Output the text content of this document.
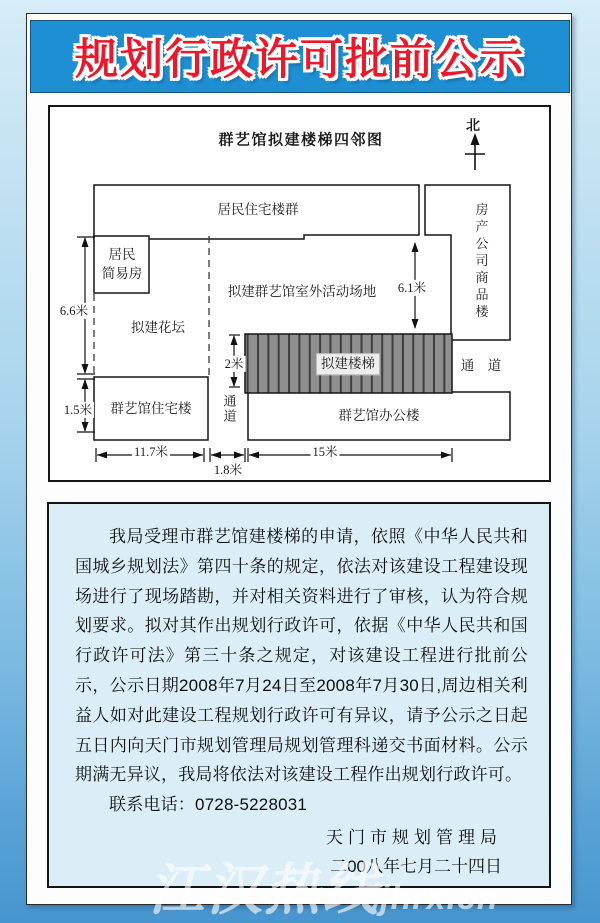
规划行政许可批前公示
群艺馆拟建楼梯四邻图
北
居民住宅楼群
居民
简易房	房产公司商品楼
拟建群艺馆室外活动场地
拟建花坛
拟建楼梯	通　道
通道
群艺馆住宅楼	群艺馆办公楼
6.6米
1.5米
6.1米
2米
11.7米
1.8米
15米

我局受理市群艺馆建楼梯的申请，依照《中华人民共和国城乡规划法》第四十条的规定，依法对该建设工程建设现场进行了现场踏勘，并对相关资料进行了审核，认为符合规划要求。拟对其作出规划行政许可，依据《中华人民共和国行政许可法》第三十条之规定，对该建设工程进行批前公示，公示日期2008年7月24日至2008年7月30日,周边相关利益人如对此建设工程规划行政许可有异议，请予公示之日起五日内向天门市规划管理局规划管理科递交书面材料。公示期满无异议，我局将依法对该建设工程作出规划行政许可。

联系电话：0728-5228031

天门市规划管理局
二00八年七月二十四日
江汉热线jhrx.cn
